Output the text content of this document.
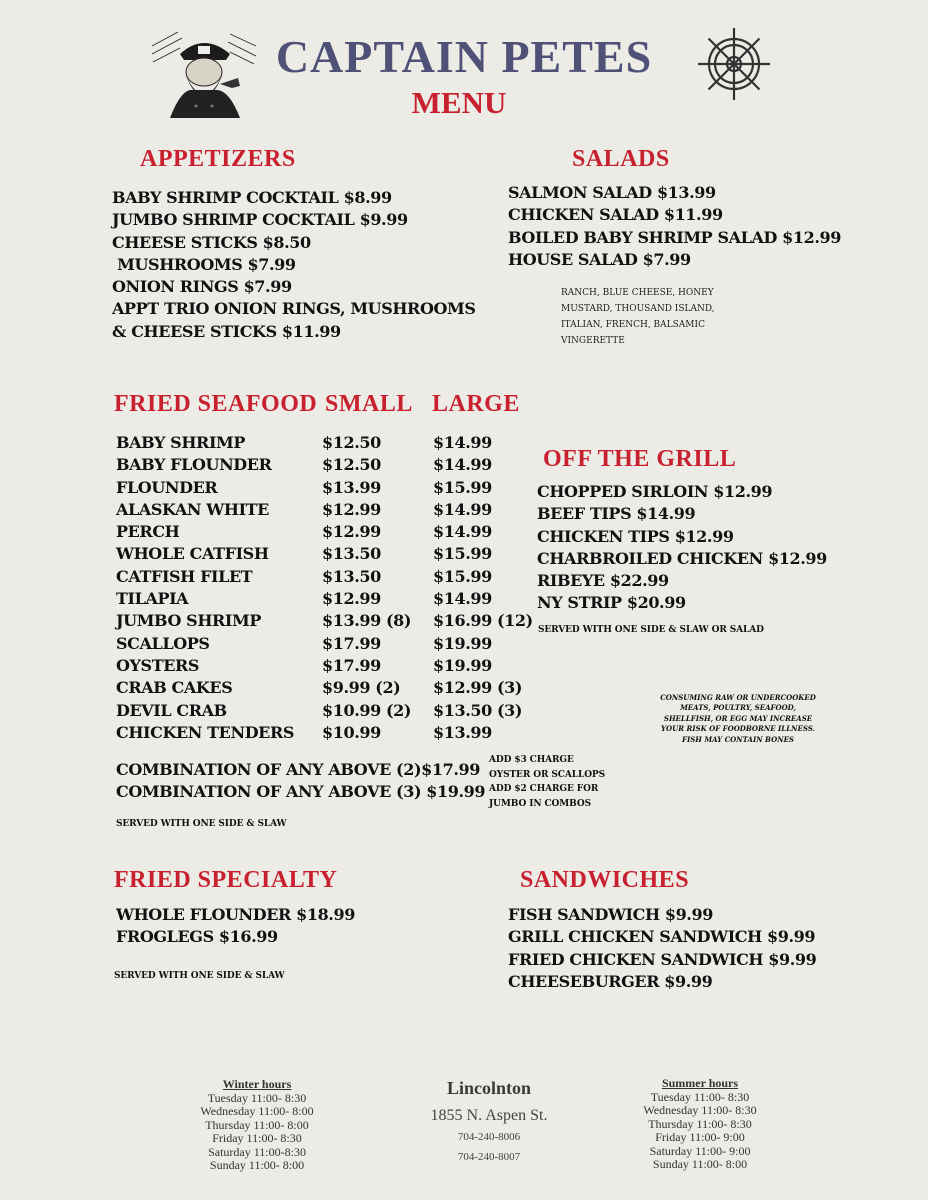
CAPTAIN PETES
MENU
APPETIZERS
BABY SHRIMP COCKTAIL $8.99
JUMBO SHRIMP COCKTAIL $9.99
CHEESE STICKS $8.50
MUSHROOMS $7.99
ONION RINGS $7.99
APPT TRIO ONION RINGS, MUSHROOMS
& CHEESE STICKS $11.99
SALADS
SALMON SALAD $13.99
CHICKEN SALAD $11.99
BOILED BABY SHRIMP SALAD $12.99
HOUSE SALAD $7.99
RANCH, BLUE CHEESE, HONEY
MUSTARD, THOUSAND ISLAND,
ITALIAN, FRENCH, BALSAMIC
VINGERETTE
FRIED SEAFOOD SMALL LARGE
BABY SHRIMP	$12.50	$14.99
BABY FLOUNDER	$12.50	$14.99
FLOUNDER	$13.99	$15.99
ALASKAN WHITE	$12.99	$14.99
PERCH	$12.99	$14.99
WHOLE CATFISH	$13.50	$15.99
CATFISH FILET	$13.50	$15.99
TILAPIA	$12.99	$14.99
JUMBO SHRIMP	$13.99 (8)	$16.99 (12)
SCALLOPS	$17.99	$19.99
OYSTERS	$17.99	$19.99
CRAB CAKES	$9.99 (2)	$12.99 (3)
DEVIL CRAB	$10.99 (2)	$13.50 (3)
CHICKEN TENDERS	$10.99	$13.99
COMBINATION OF ANY ABOVE (2)$17.99
COMBINATION OF ANY ABOVE (3) $19.99
ADD $3 CHARGE
OYSTER OR SCALLOPS
ADD $2 CHARGE FOR
JUMBO IN COMBOS
SERVED WITH ONE SIDE & SLAW
OFF THE GRILL
CHOPPED SIRLOIN $12.99
BEEF TIPS $14.99
CHICKEN TIPS $12.99
CHARBROILED CHICKEN $12.99
RIBEYE $22.99
NY STRIP $20.99
SERVED WITH ONE SIDE & SLAW OR SALAD
CONSUMING RAW OR UNDERCOOKED
MEATS, POULTRY, SEAFOOD,
SHELLFISH, OR EGG MAY INCREASE
YOUR RISK OF FOODBORNE ILLNESS.
FISH MAY CONTAIN BONES
FRIED SPECIALTY
WHOLE FLOUNDER $18.99
FROGLEGS $16.99
SERVED WITH ONE SIDE & SLAW
SANDWICHES
FISH SANDWICH $9.99
GRILL CHICKEN SANDWICH $9.99
FRIED CHICKEN SANDWICH $9.99
CHEESEBURGER $9.99
Winter hours
Tuesday 11:00- 8:30
Wednesday 11:00- 8:00
Thursday 11:00- 8:00
Friday 11:00- 8:30
Saturday 11:00-8:30
Sunday 11:00- 8:00
Lincolnton
1855 N. Aspen St.
704-240-8006
704-240-8007
Summer hours
Tuesday 11:00- 8:30
Wednesday 11:00- 8:30
Thursday 11:00- 8:30
Friday 11:00- 9:00
Saturday 11:00- 9:00
Sunday 11:00- 8:00
